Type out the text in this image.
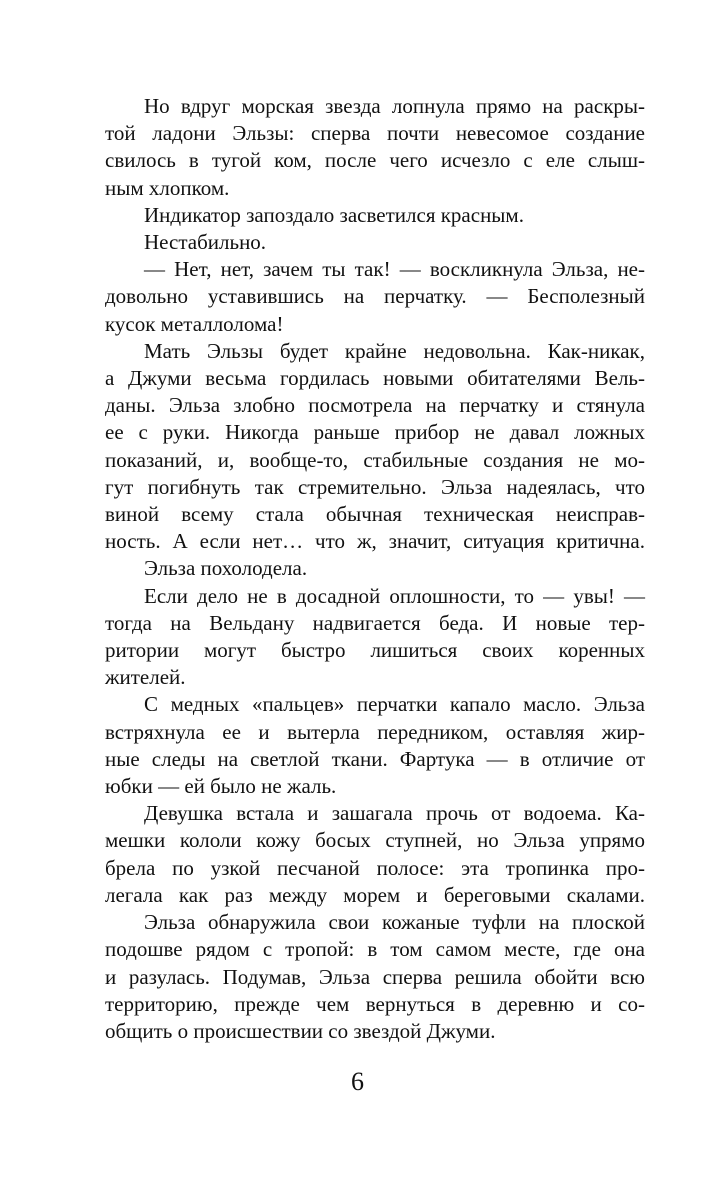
Но вдруг морская звезда лопнула прямо на раскры-
той ладони Эльзы: сперва почти невесомое создание
свилось в тугой ком, после чего исчезло с еле слыш-
ным хлопком.

Индикатор запоздало засветился красным.

Нестабильно.

— Нет, нет, зачем ты так! — воскликнула Эльза, не-
довольно уставившись на перчатку. — Бесполезный
кусок металлолома!

Мать Эльзы будет крайне недовольна. Как-никак,
а Джуми весьма гордилась новыми обитателями Вель-
даны. Эльза злобно посмотрела на перчатку и стянула
ее с руки. Никогда раньше прибор не давал ложных
показаний, и, вообще-то, стабильные создания не мо-
гут погибнуть так стремительно. Эльза надеялась, что
виной всему стала обычная техническая неисправ-
ность. А если нет… что ж, значит, ситуация критична.

Эльза похолодела.

Если дело не в досадной оплошности, то — увы! —
тогда на Вельдану надвигается беда. И новые тер-
ритории могут быстро лишиться своих коренных
жителей.

С медных «пальцев» перчатки капало масло. Эльза
встряхнула ее и вытерла передником, оставляя жир-
ные следы на светлой ткани. Фартука — в отличие от
юбки — ей было не жаль.

Девушка встала и зашагала прочь от водоема. Ка-
мешки кололи кожу босых ступней, но Эльза упрямо
брела по узкой песчаной полосе: эта тропинка про-
легала как раз между морем и береговыми скалами.

Эльза обнаружила свои кожаные туфли на плоской
подошве рядом с тропой: в том самом месте, где она
и разулась. Подумав, Эльза сперва решила обойти всю
территорию, прежде чем вернуться в деревню и со-
общить о происшествии со звездой Джуми.

6
